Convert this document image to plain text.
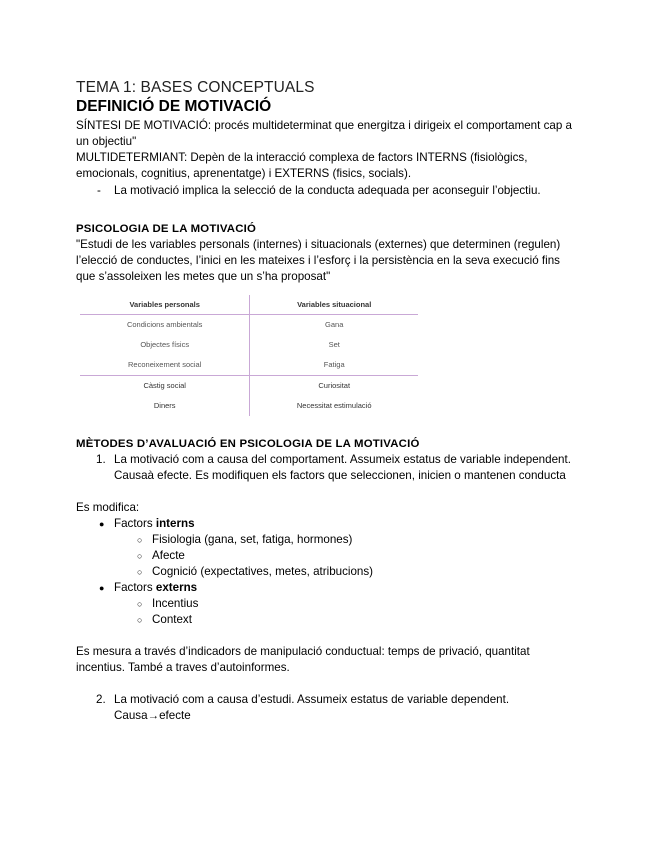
TEMA 1: BASES CONCEPTUALS
DEFINICIÓ DE MOTIVACIÓ

SÍNTESI DE MOTIVACIÓ: procés multideterminat que energitza i dirigeix el comportament cap a un objectiu"

MULTIDETERMIANT: Depèn de la interacció complexa de factors INTERNS (fisiològics, emocionals, cognitius, aprenentatge) i EXTERNS (fisics, socials).

- La motivació implica la selecció de la conducta adequada per aconseguir l’objectiu.
PSICOLOGIA DE LA MOTIVACIÓ

"Estudi de les variables personals (internes) i situacionals (externes) que determinen (regulen) l’elecció de conductes, l’inici en les mateixes i l’esforç i la persistència en la seva execució fins que s’assoleixen les metes que un s’ha proposat"

Variables personals	Variables situacional
Condicions ambientals	Gana
Objectes físics	Set
Reconeixement social	Fatiga
Càstig social	Curiositat
Diners	Necessitat estimulació
MÈTODES D’AVALUACIÓ EN PSICOLOGIA DE LA MOTIVACIÓ
1. La motivació com a causa del comportament. Assumeix estatus de variable independent. Causaà efecte. Es modifiquen els factors que seleccionen, inicien o mantenen conducta

Es modifica:

● Factors interns
○ Fisiologia (gana, set, fatiga, hormones)
○ Afecte
○ Cognició (expectatives, metes, atribucions)
● Factors externs
○ Incentius
○ Context

Es mesura a través d’indicadors de manipulació conductual: temps de privació, quantitat incentius. També a traves d’autoinformes.

2. La motivació com a causa d’estudi. Assumeix estatus de variable dependent. Causa→efecte
